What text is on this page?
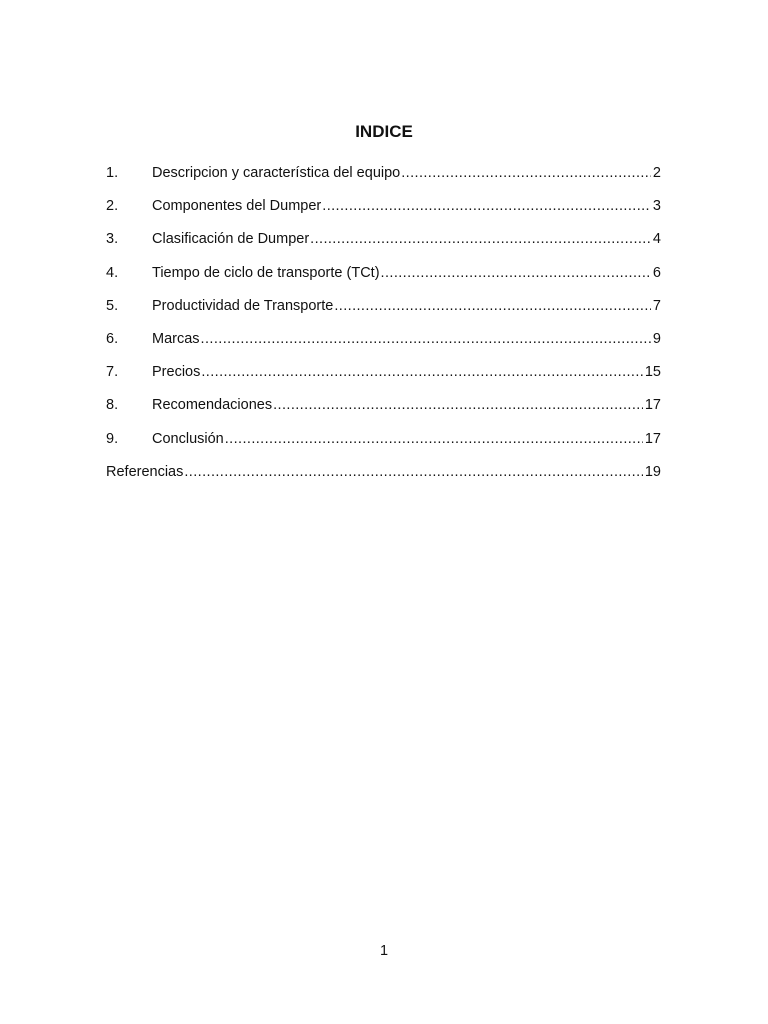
INDICE
1.	Descripcion y característica del equipo .....	2
2.	Componentes del Dumper .....	3
3.	Clasificación de Dumper .....	4
4.	Tiempo de ciclo de transporte (TCt) .....	6
5.	Productividad de Transporte .....	7
6.	Marcas .....	9
7.	Precios .....	15
8.	Recomendaciones .....	17
9.	Conclusión .....	17
Referencias .....	19
1
